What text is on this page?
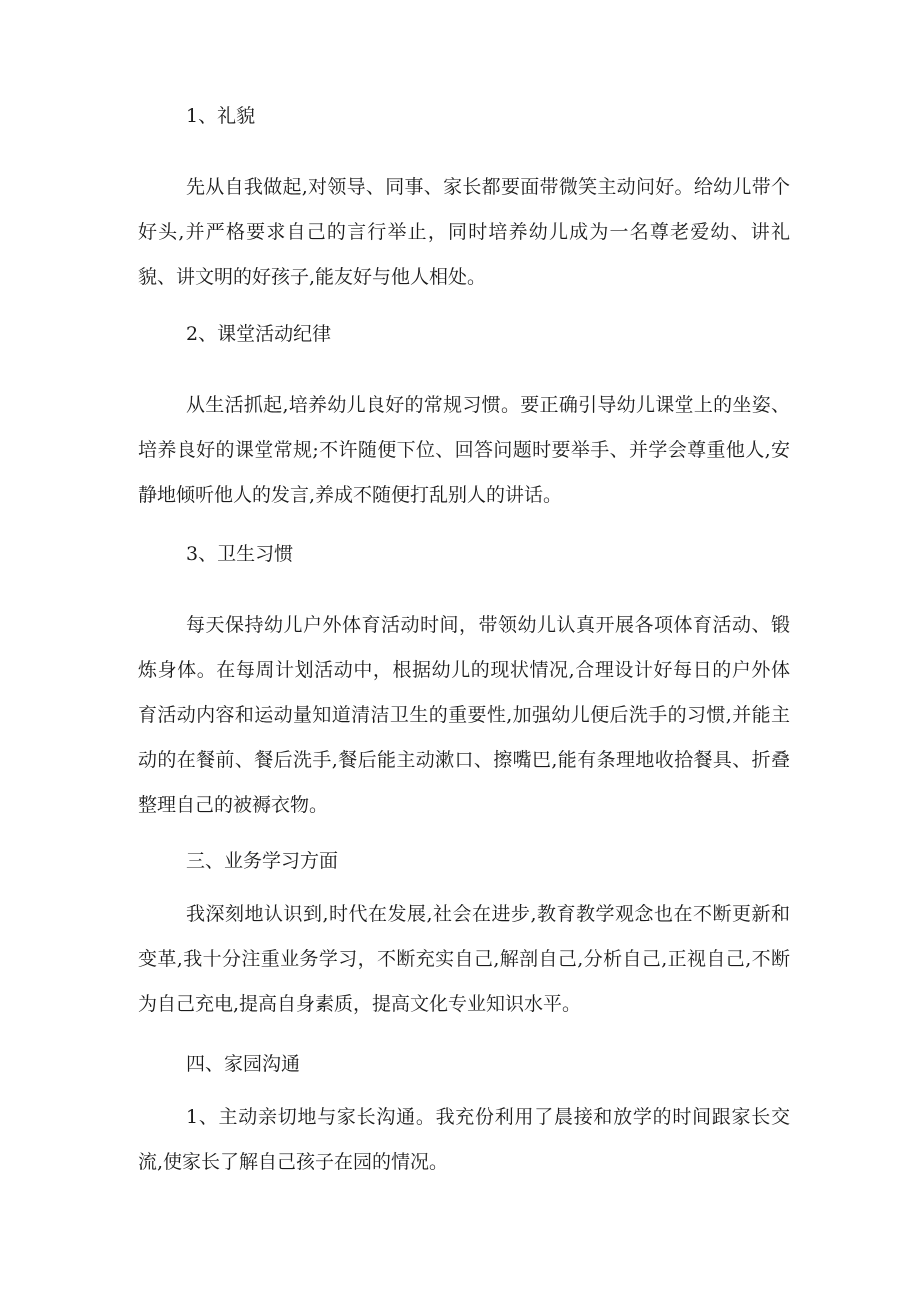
1、礼貌

先从自我做起,对领导、同事、家长都要面带微笑主动问好。给幼儿带个好头,并严格要求自己的言行举止，同时培养幼儿成为一名尊老爱幼、讲礼貌、讲文明的好孩子,能友好与他人相处。

2、课堂活动纪律

从生活抓起,培养幼儿良好的常规习惯。要正确引导幼儿课堂上的坐姿、培养良好的课堂常规;不许随便下位、回答问题时要举手、并学会尊重他人,安静地倾听他人的发言,养成不随便打乱别人的讲话。

3、卫生习惯

每天保持幼儿户外体育活动时间，带领幼儿认真开展各项体育活动、锻炼身体。在每周计划活动中，根据幼儿的现状情况,合理设计好每日的户外体育活动内容和运动量知道清洁卫生的重要性,加强幼儿便后洗手的习惯,并能主动的在餐前、餐后洗手,餐后能主动漱口、擦嘴巴,能有条理地收拾餐具、折叠整理自己的被褥衣物。

三、业务学习方面

我深刻地认识到,时代在发展,社会在进步,教育教学观念也在不断更新和变革,我十分注重业务学习，不断充实自己,解剖自己,分析自己,正视自己,不断为自己充电,提高自身素质，提高文化专业知识水平。

四、家园沟通

1、主动亲切地与家长沟通。我充份利用了晨接和放学的时间跟家长交流,使家长了解自己孩子在园的情况。
